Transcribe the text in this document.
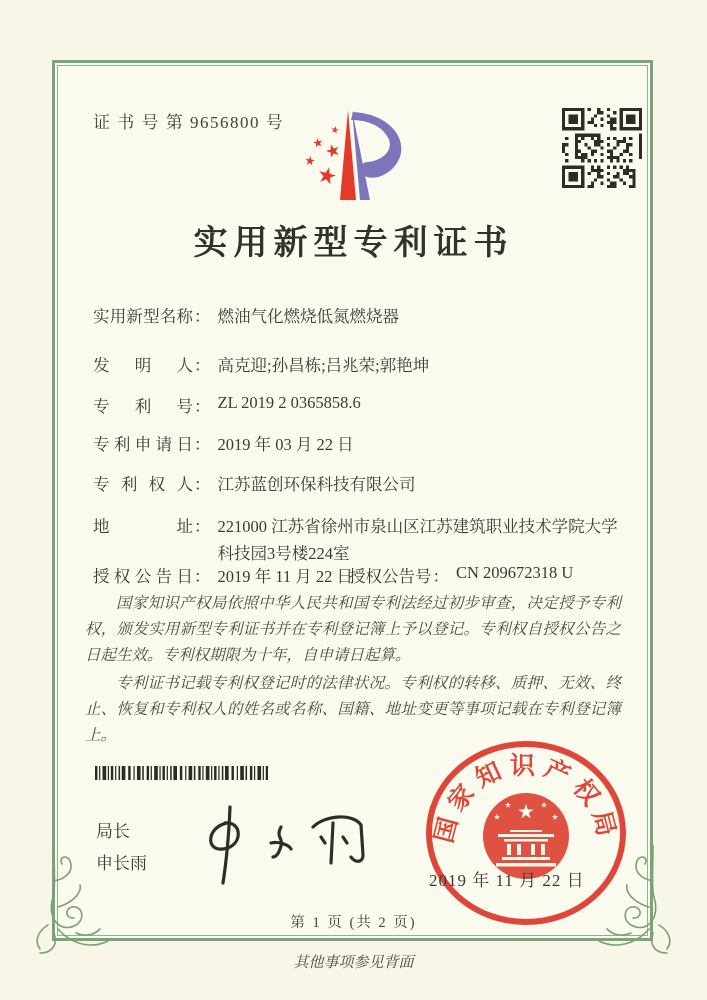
证 书 号 第 9656800 号
实用新型专利证书
实用新型名称： 燃油气化燃烧低氮燃烧器
发明人： 高克迎;孙昌栋;吕兆荣;郭艳坤
专利号： ZL 2019 2 0365858.6
专利申请日： 2019 年 03 月 22 日
专利权人： 江苏蓝创环保科技有限公司
地址： 221000 江苏省徐州市泉山区江苏建筑职业技术学院大学科技园3号楼224室
授权公告日： 2019 年 11 月 22 日
授权公告号： CN 209672318 U

国家知识产权局依照中华人民共和国专利法经过初步审查，决定授予专利权，颁发实用新型专利证书并在专利登记簿上予以登记。专利权自授权公告之日起生效。专利权期限为十年，自申请日起算。

专利证书记载专利权登记时的法律状况。专利权的转移、质押、无效、终止、恢复和专利权人的姓名或名称、国籍、地址变更等事项记载在专利登记簿上。

局长
申长雨
国家知识产权局
2019 年 11 月 22 日
第 1 页 (共 2 页)
其他事项参见背面
